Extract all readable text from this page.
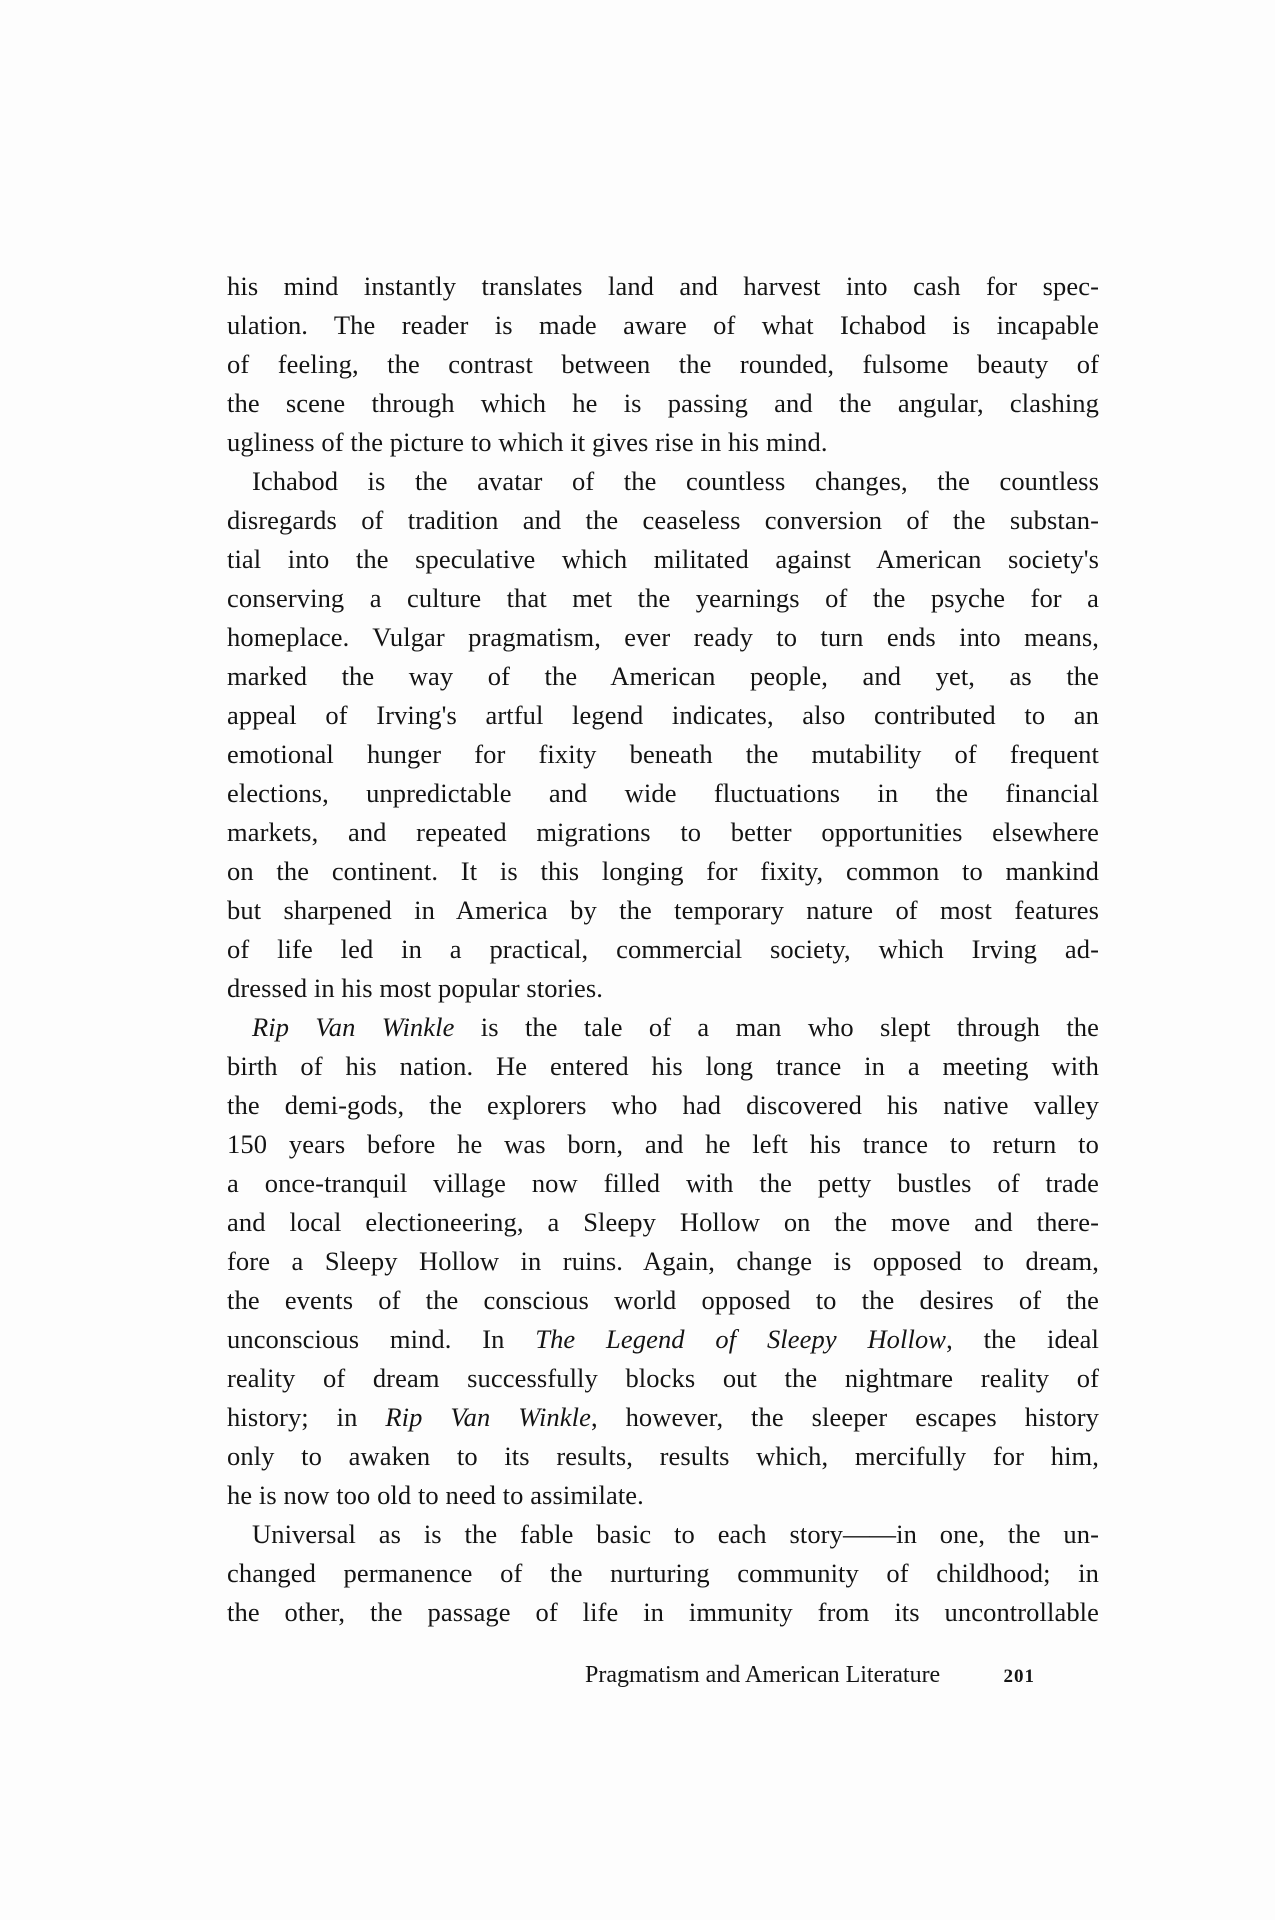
his mind instantly translates land and harvest into cash for spec-
ulation. The reader is made aware of what Ichabod is incapable
of feeling, the contrast between the rounded, fulsome beauty of
the scene through which he is passing and the angular, clashing
ugliness of the picture to which it gives rise in his mind.
Ichabod is the avatar of the countless changes, the countless
disregards of tradition and the ceaseless conversion of the substan-
tial into the speculative which militated against American society's
conserving a culture that met the yearnings of the psyche for a
homeplace. Vulgar pragmatism, ever ready to turn ends into means,
marked the way of the American people, and yet, as the
appeal of Irving's artful legend indicates, also contributed to an
emotional hunger for fixity beneath the mutability of frequent
elections, unpredictable and wide fluctuations in the financial
markets, and repeated migrations to better opportunities elsewhere
on the continent. It is this longing for fixity, common to mankind
but sharpened in America by the temporary nature of most features
of life led in a practical, commercial society, which Irving ad-
dressed in his most popular stories.
Rip Van Winkle is the tale of a man who slept through the
birth of his nation. He entered his long trance in a meeting with
the demi-gods, the explorers who had discovered his native valley
150 years before he was born, and he left his trance to return to
a once-tranquil village now filled with the petty bustles of trade
and local electioneering, a Sleepy Hollow on the move and there-
fore a Sleepy Hollow in ruins. Again, change is opposed to dream,
the events of the conscious world opposed to the desires of the
unconscious mind. In The Legend of Sleepy Hollow, the ideal
reality of dream successfully blocks out the nightmare reality of
history; in Rip Van Winkle, however, the sleeper escapes history
only to awaken to its results, results which, mercifully for him,
he is now too old to need to assimilate.
Universal as is the fable basic to each story——in one, the un-
changed permanence of the nurturing community of childhood; in
the other, the passage of life in immunity from its uncontrollable
Pragmatism and American Literature	201
